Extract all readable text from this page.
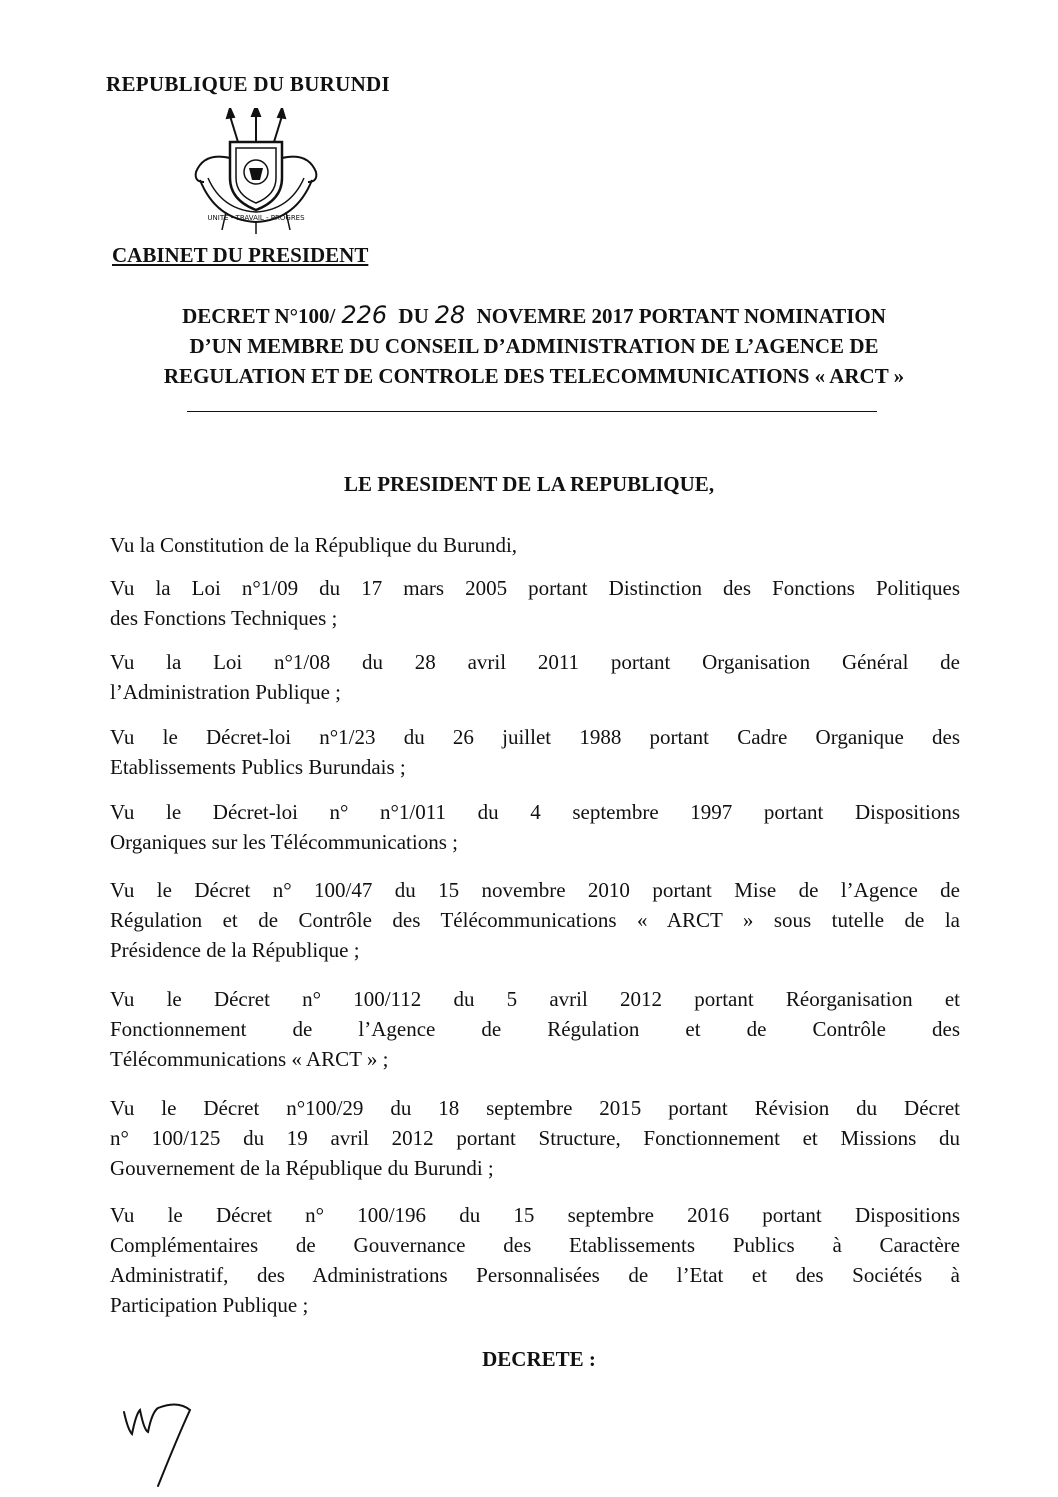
REPUBLIQUE DU BURUNDI
UNITE - TRAVAIL - PROGRES
CABINET DU PRESIDENT
DECRET N°100/ 226 DU 28 NOVEMRE 2017 PORTANT NOMINATION
D’UN MEMBRE DU CONSEIL D’ADMINISTRATION DE L’AGENCE DE
REGULATION ET DE CONTROLE DES TELECOMMUNICATIONS « ARCT »
LE PRESIDENT DE LA REPUBLIQUE,
Vu la Constitution de la République du Burundi,
Vu la Loi n°1/09 du 17 mars 2005 portant Distinction des Fonctions Politiques
des Fonctions Techniques ;
Vu la Loi n°1/08 du 28 avril 2011 portant Organisation Général de
l’Administration Publique ;
Vu le Décret-loi n°1/23 du 26 juillet 1988 portant Cadre Organique des
Etablissements Publics Burundais ;
Vu le Décret-loi n° n°1/011 du 4 septembre 1997 portant Dispositions
Organiques sur les Télécommunications ;
Vu le Décret n° 100/47 du 15 novembre 2010 portant Mise de l’Agence de
Régulation et de Contrôle des Télécommunications « ARCT » sous tutelle de la
Présidence de la République ;
Vu le Décret n° 100/112 du 5 avril 2012 portant Réorganisation et
Fonctionnement de l’Agence de Régulation et de Contrôle des
Télécommunications « ARCT » ;
Vu le Décret n°100/29 du 18 septembre 2015 portant Révision du Décret
n° 100/125 du 19 avril 2012 portant Structure, Fonctionnement et Missions du
Gouvernement de la République du Burundi ;
Vu le Décret n° 100/196 du 15 septembre 2016 portant Dispositions
Complémentaires de Gouvernance des Etablissements Publics à Caractère
Administratif, des Administrations Personnalisées de l’Etat et des Sociétés à
Participation Publique ;
DECRETE :
